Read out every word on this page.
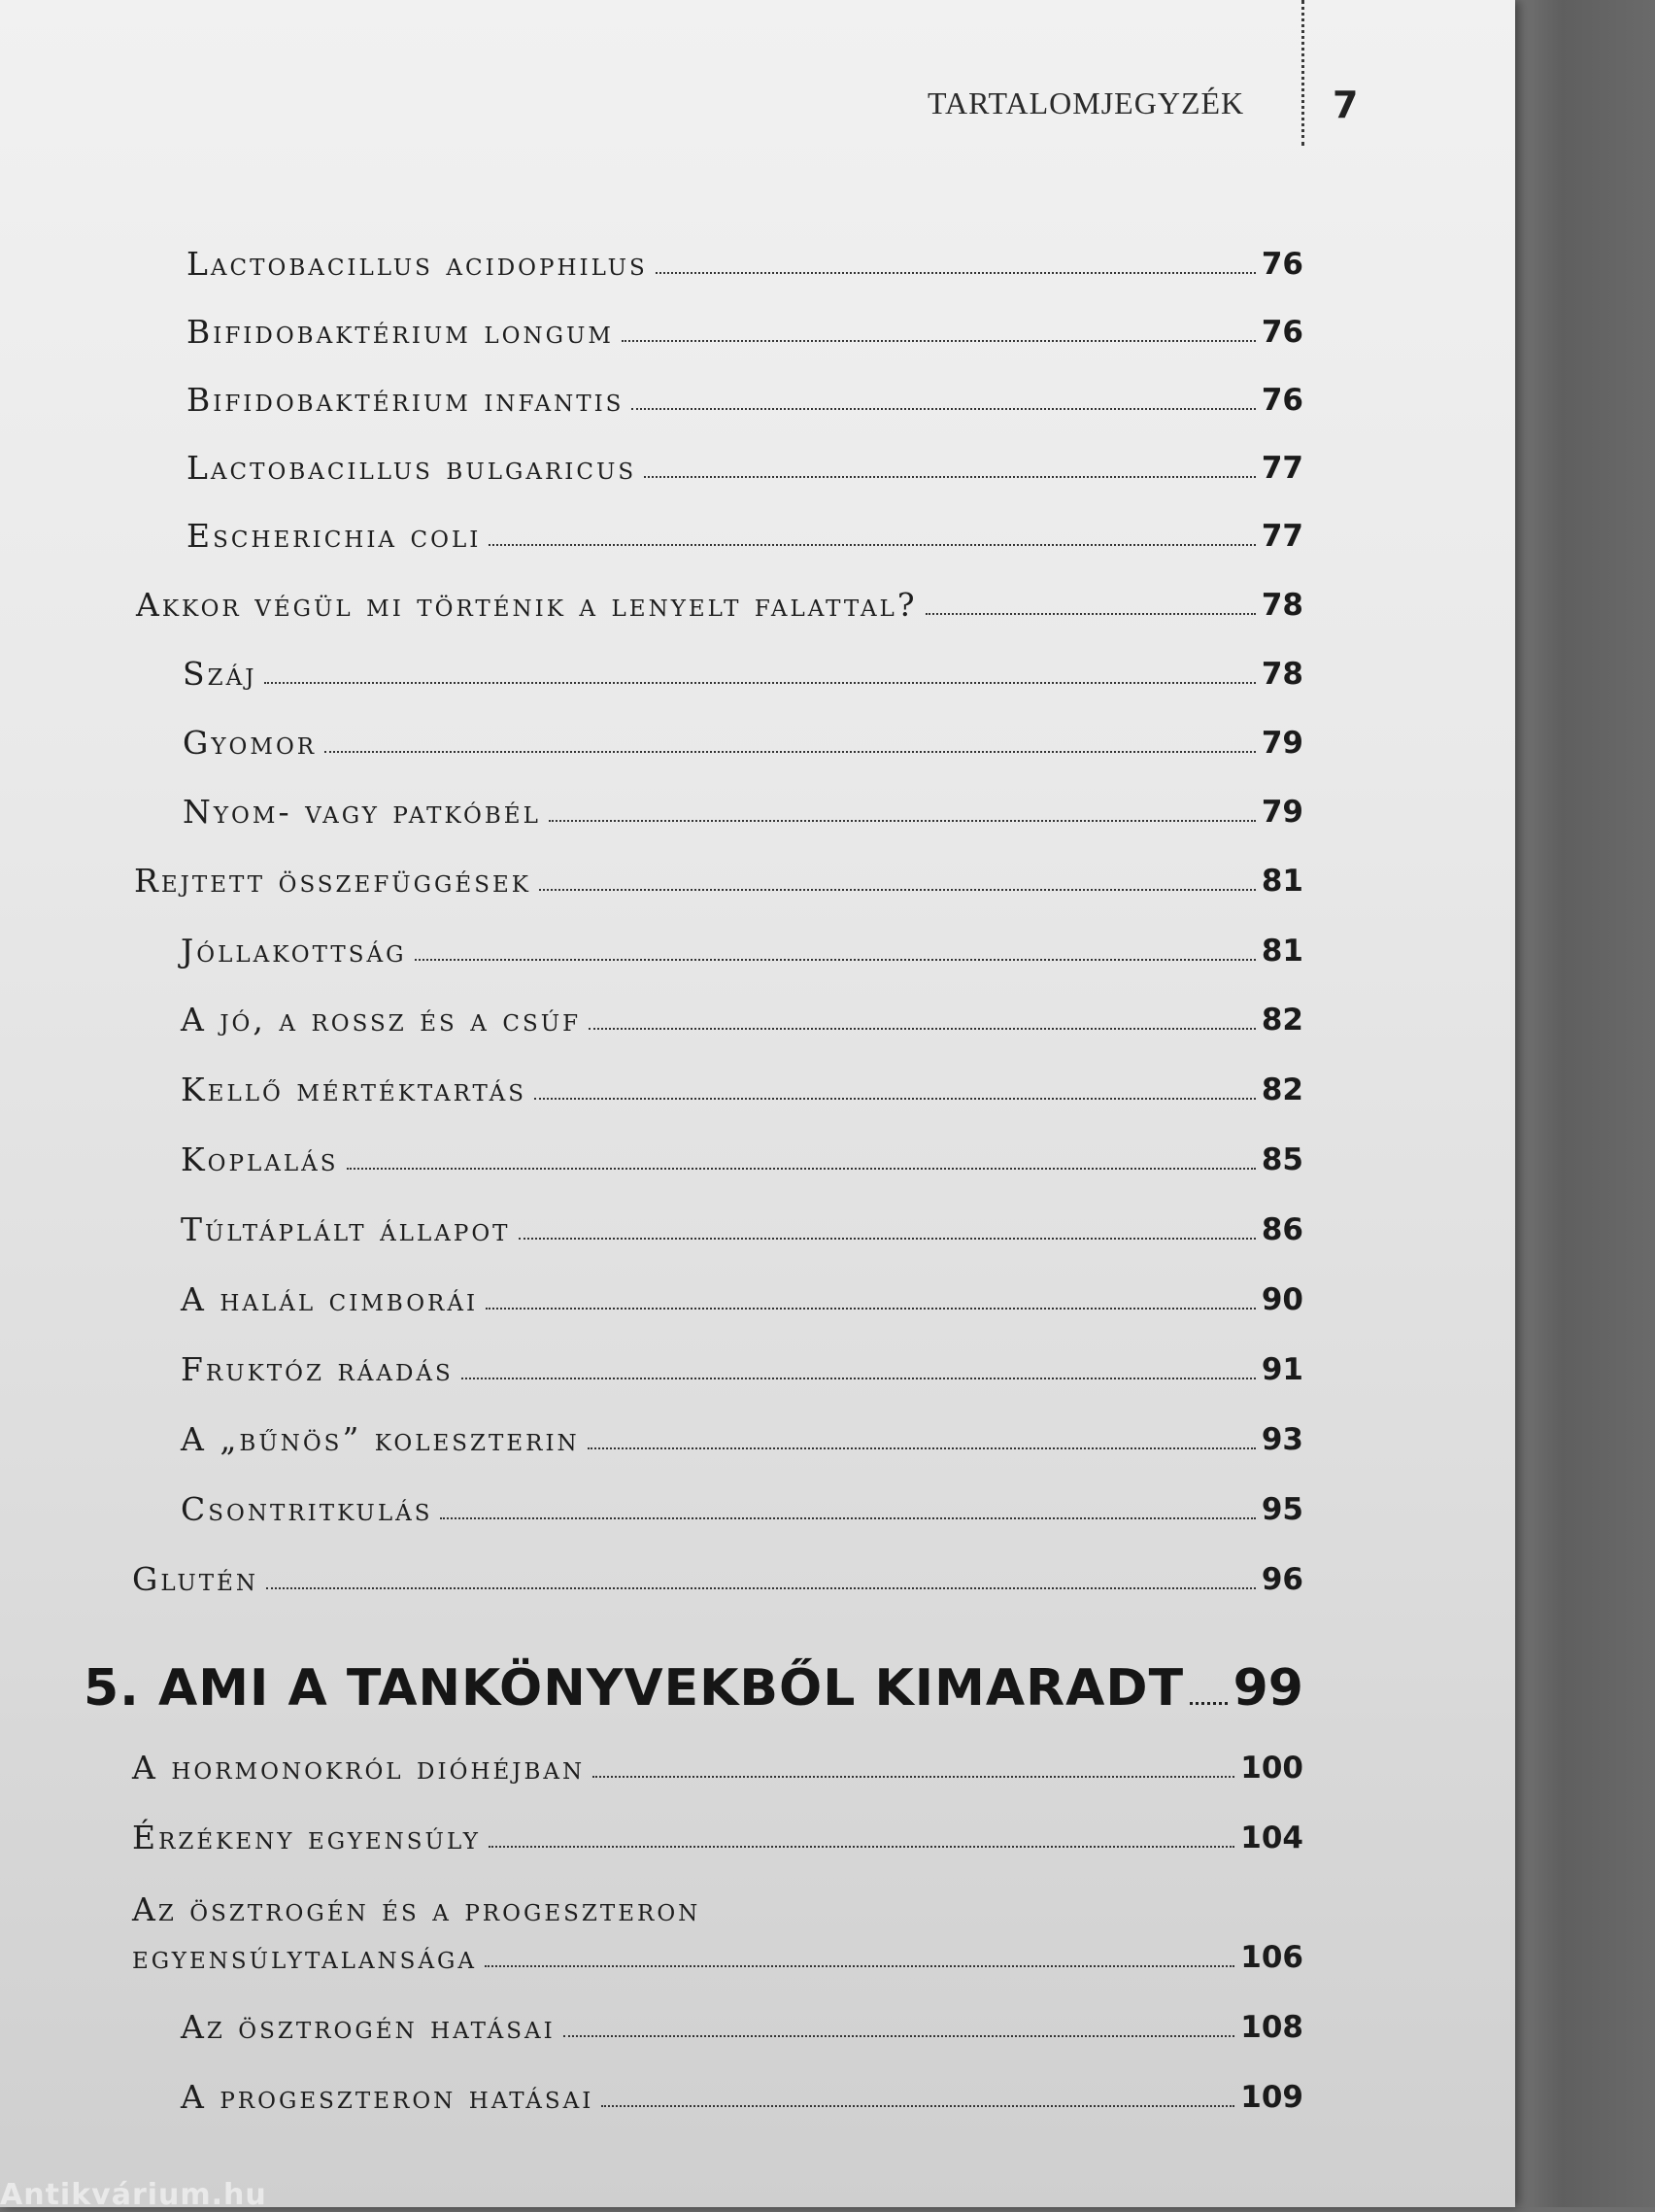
TARTALOMJEGYZÉK 7
Lactobacillus acidophilus	76
Bifidobaktérium longum	76
Bifidobaktérium infantis	76
Lactobacillus bulgaricus	77
Escherichia coli	77
Akkor végül mi történik a lenyelt falattal?	78
Száj	78
Gyomor	79
Nyom- vagy patkóbél	79
Rejtett összefüggések	81
Jóllakottság	81
A jó, a rossz és a csúf	82
Kellő mértéktartás	82
Koplalás	85
Túltáplált állapot	86
A halál cimborái	90
Fruktóz ráadás	91
A „bűnös” koleszterin	93
Csontritkulás	95
Glutén	96
5. AMI A TANKÖNYVEKBŐL KIMARADT 99
A hormonokról dióhéjban	100
Érzékeny egyensúly	104
Az ösztrogén és a progeszteron
egyensúlytalansága	106
Az ösztrogén hatásai	108
A progeszteron hatásai	109
Antikvárium.hu
